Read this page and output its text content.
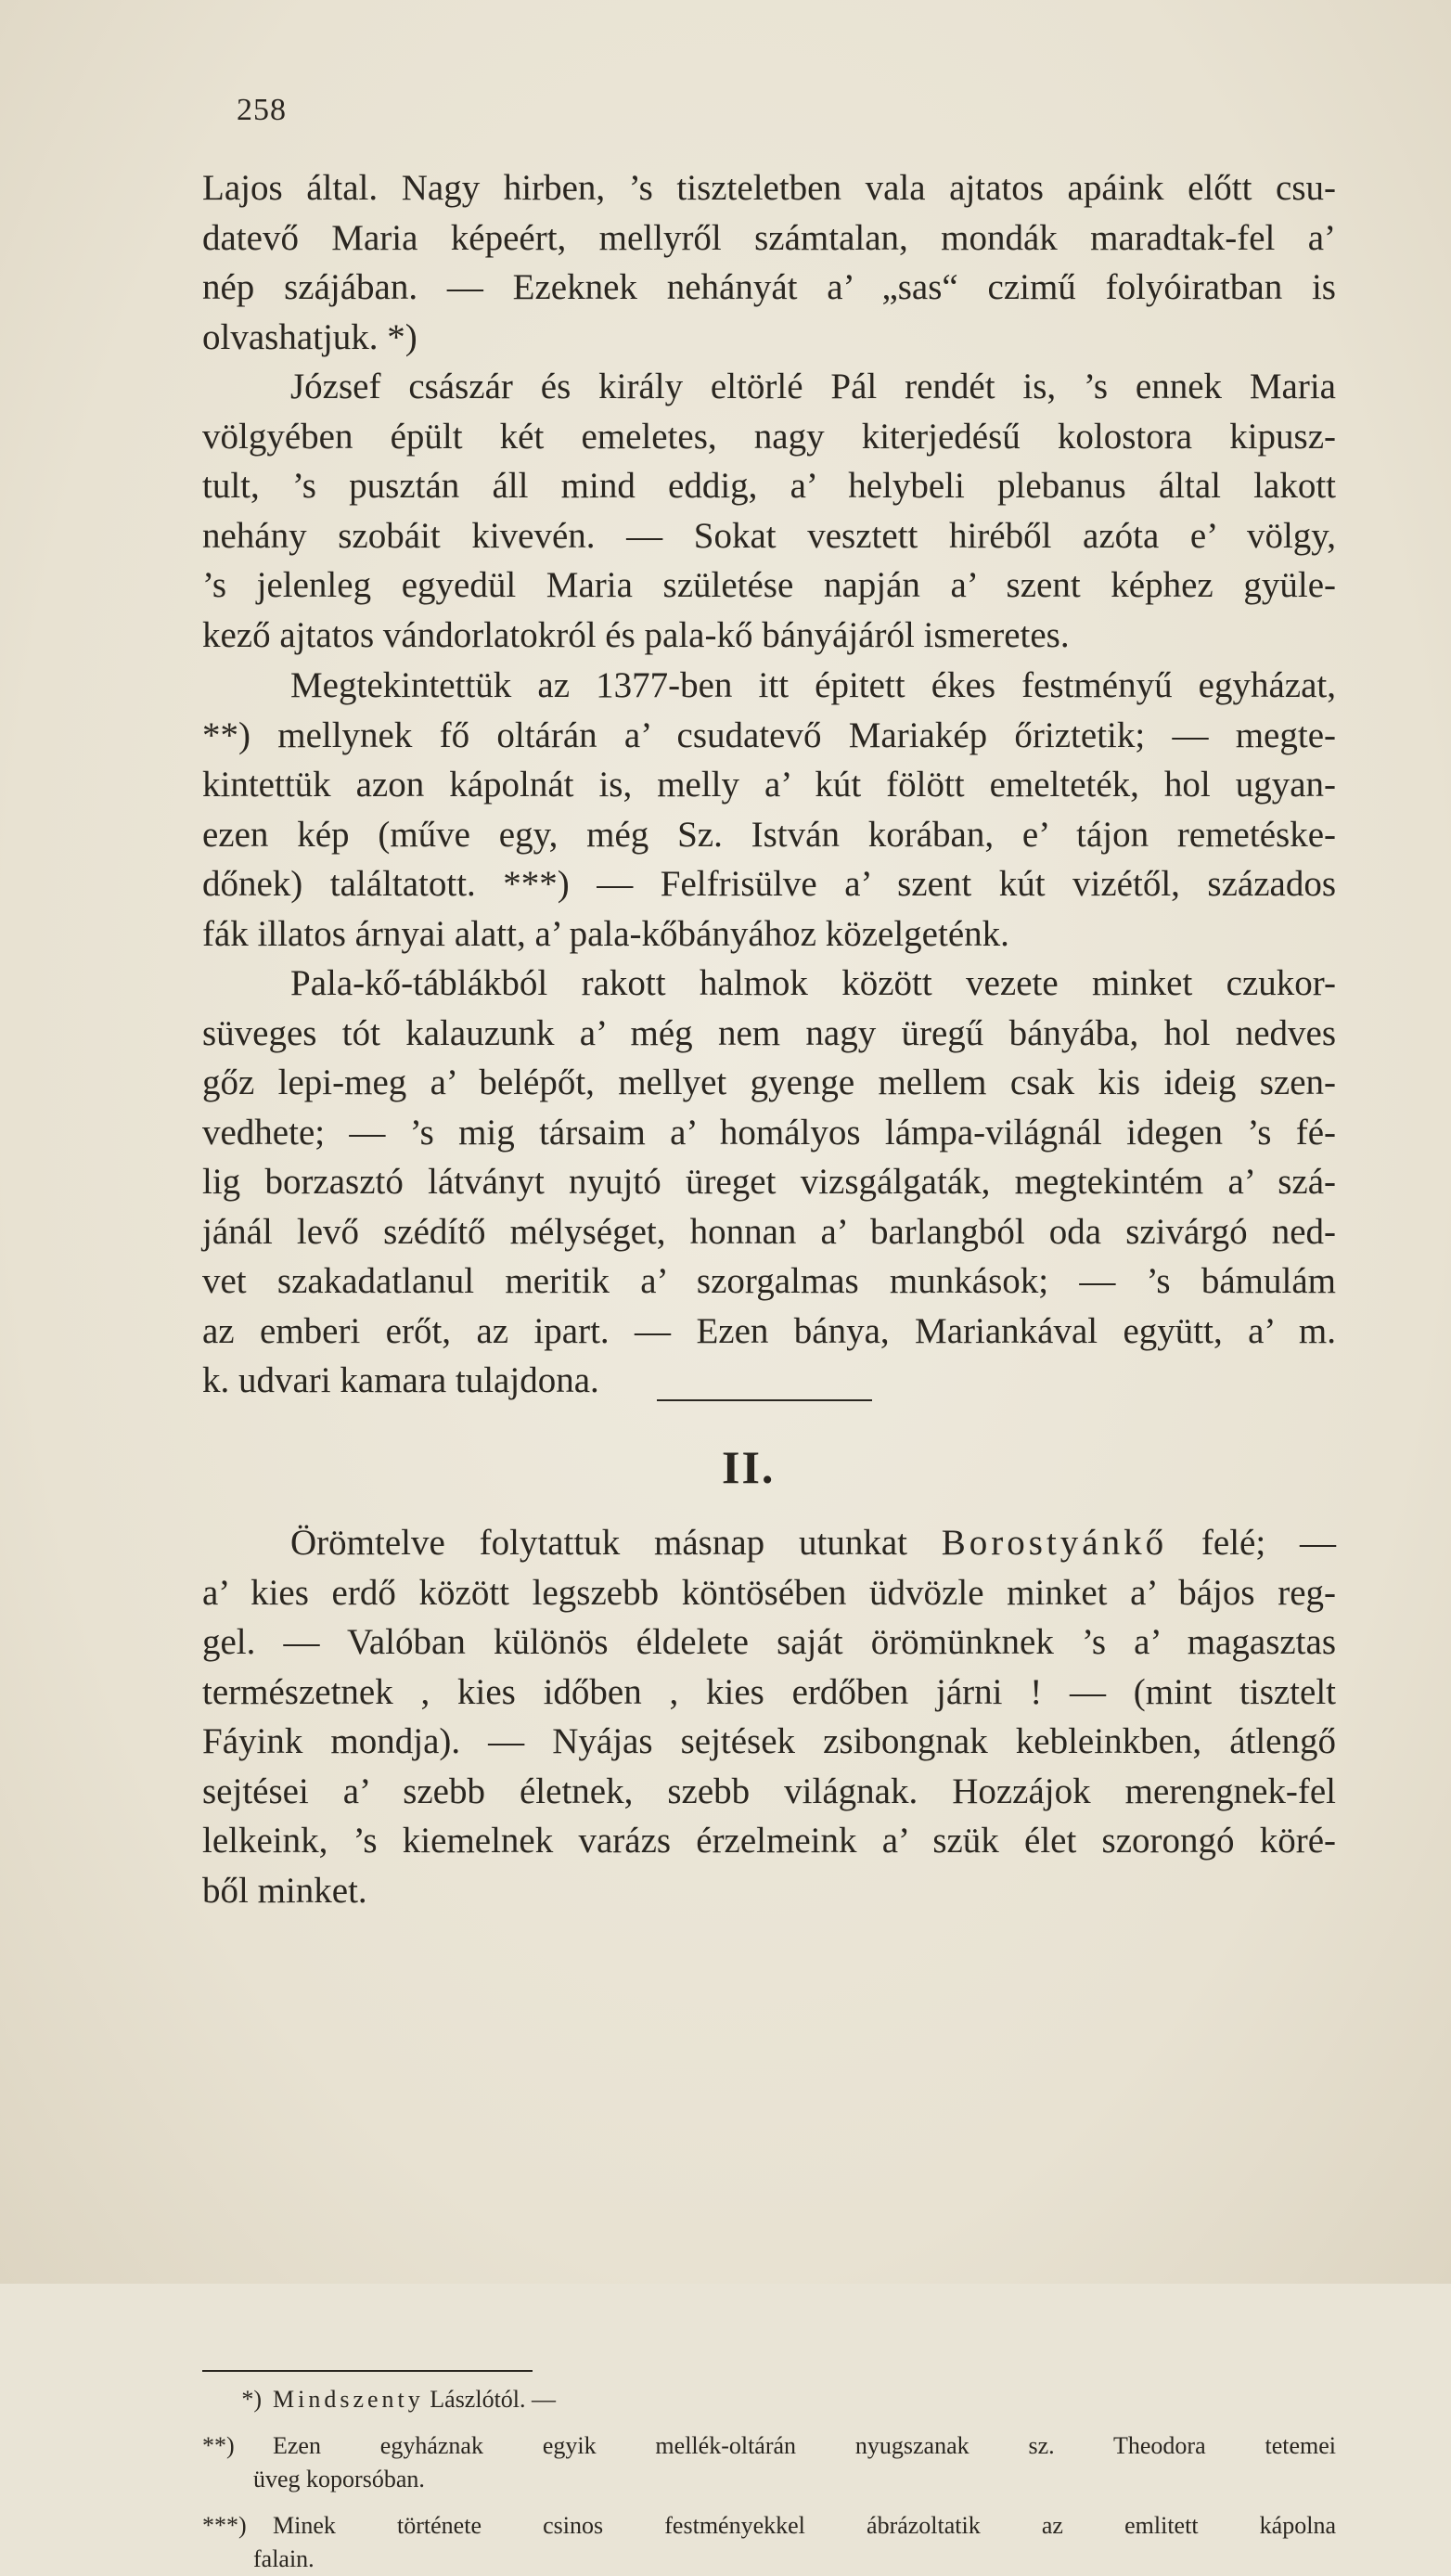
258
Lajos által. Nagy hirben, ’s tiszteletben vala ajtatos apáink előtt csu-
datevő Maria képeért, mellyről számtalan, mondák maradtak-fel a’
nép szájában. — Ezeknek nehányát a’ „sas“ czimű folyóiratban is
olvashatjuk. *)
József császár és király eltörlé Pál rendét is, ’s ennek Maria
völgyében épült két emeletes, nagy kiterjedésű kolostora kipusz-
tult, ’s pusztán áll mind eddig, a’ helybeli plebanus által lakott
nehány szobáit kivevén. — Sokat vesztett hiréből azóta e’ völgy,
’s jelenleg egyedül Maria születése napján a’ szent képhez gyüle-
kező ajtatos vándorlatokról és pala-kő bányájáról ismeretes.
Megtekintettük az 1377-ben itt épitett ékes festményű egyházat,
**) mellynek fő oltárán a’ csudatevő Mariakép őriztetik; — megte-
kintettük azon kápolnát is, melly a’ kút fölött emelteték, hol ugyan-
ezen kép (műve egy, még Sz. István korában, e’ tájon remetéske-
dőnek) találtatott. ***) — Felfrisülve a’ szent kút vizétől, százados
fák illatos árnyai alatt, a’ pala-kőbányához közelgeténk.
Pala-kő-táblákból rakott halmok között vezete minket czukor-
süveges tót kalauzunk a’ még nem nagy üregű bányába, hol nedves
gőz lepi-meg a’ belépőt, mellyet gyenge mellem csak kis ideig szen-
vedhete; — ’s mig társaim a’ homályos lámpa-világnál idegen ’s fé-
lig borzasztó látványt nyujtó üreget vizsgálgaták, megtekintém a’ szá-
jánál levő szédítő mélységet, honnan a’ barlangból oda szivárgó ned-
vet szakadatlanul meritik a’ szorgalmas munkások; — ’s bámulám
az emberi erőt, az ipart. — Ezen bánya, Mariankával együtt, a’ m.
k. udvari kamara tulajdona.
II.
Örömtelve folytattuk másnap utunkat Borostyánkő felé; —
a’ kies erdő között legszebb köntösében üdvözle minket a’ bájos reg-
gel. — Valóban különös éldelete saját örömünknek ’s a’ magasztas
természetnek , kies időben , kies erdőben járni ! — (mint tisztelt
Fáyink mondja). — Nyájas sejtések zsibongnak kebleinkben, átlengő
sejtései a’ szebb életnek, szebb világnak. Hozzájok merengnek-fel
lelkeink, ’s kiemelnek varázs érzelmeink a’ szük élet szorongó köré-
ből minket.
*) Mindszenty Lászlótól. —
**) Ezen egyháznak egyik mellék-oltárán nyugszanak sz. Theodora tetemei
üveg koporsóban.
***) Minek története csinos festményekkel ábrázoltatik az emlitett kápolna
falain.
